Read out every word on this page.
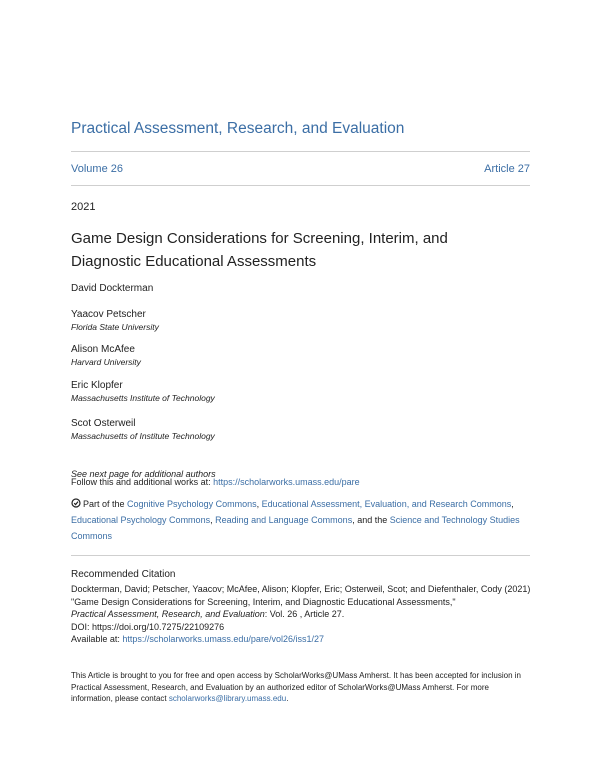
Practical Assessment, Research, and Evaluation
Volume 26	Article 27
2021
Game Design Considerations for Screening, Interim, and
Diagnostic Educational Assessments
David Dockterman
Yaacov Petscher
Florida State University
Alison McAfee
Harvard University
Eric Klopfer
Massachusetts Institute of Technology
Scot Osterweil
Massachusetts of Institute Technology
See next page for additional authors
Follow this and additional works at: https://scholarworks.umass.edu/pare
Part of the Cognitive Psychology Commons, Educational Assessment, Evaluation, and Research Commons, Educational Psychology Commons, Reading and Language Commons, and the Science and Technology Studies Commons
Recommended Citation
Dockterman, David; Petscher, Yaacov; McAfee, Alison; Klopfer, Eric; Osterweil, Scot; and Diefenthaler, Cody (2021) "Game Design Considerations for Screening, Interim, and Diagnostic Educational Assessments,"
Practical Assessment, Research, and Evaluation: Vol. 26 , Article 27.
DOI: https://doi.org/10.7275/22109276
Available at: https://scholarworks.umass.edu/pare/vol26/iss1/27
This Article is brought to you for free and open access by ScholarWorks@UMass Amherst. It has been accepted for inclusion in Practical Assessment, Research, and Evaluation by an authorized editor of ScholarWorks@UMass Amherst. For more information, please contact scholarworks@library.umass.edu.
